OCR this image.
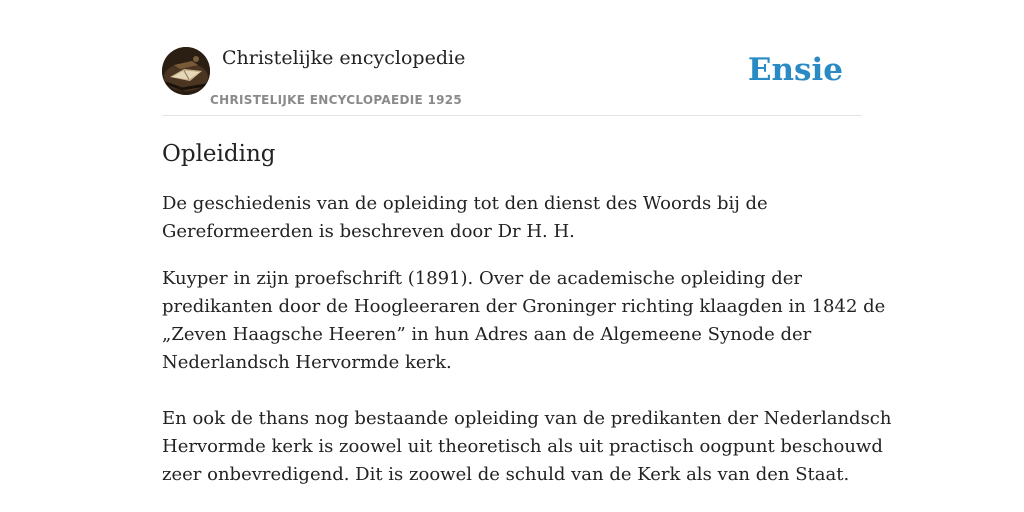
Christelijke encyclopedie
CHRISTELIJKE ENCYCLOPAEDIE 1925
Ensie
Opleiding

De geschiedenis van de opleiding tot den dienst des Woords bij de
Gereformeerden is beschreven door Dr H. H.

Kuyper in zijn proefschrift (1891). Over de academische opleiding der
predikanten door de Hoogleeraren der Groninger richting klaagden in 1842 de
„Zeven Haagsche Heeren” in hun Adres aan de Algemeene Synode der
Nederlandsch Hervormde kerk.
En ook de thans nog bestaande opleiding van de predikanten der Nederlandsch
Hervormde kerk is zoowel uit theoretisch als uit practisch oogpunt beschouwd
zeer onbevredigend. Dit is zoowel de schuld van de Kerk als van den Staat.
